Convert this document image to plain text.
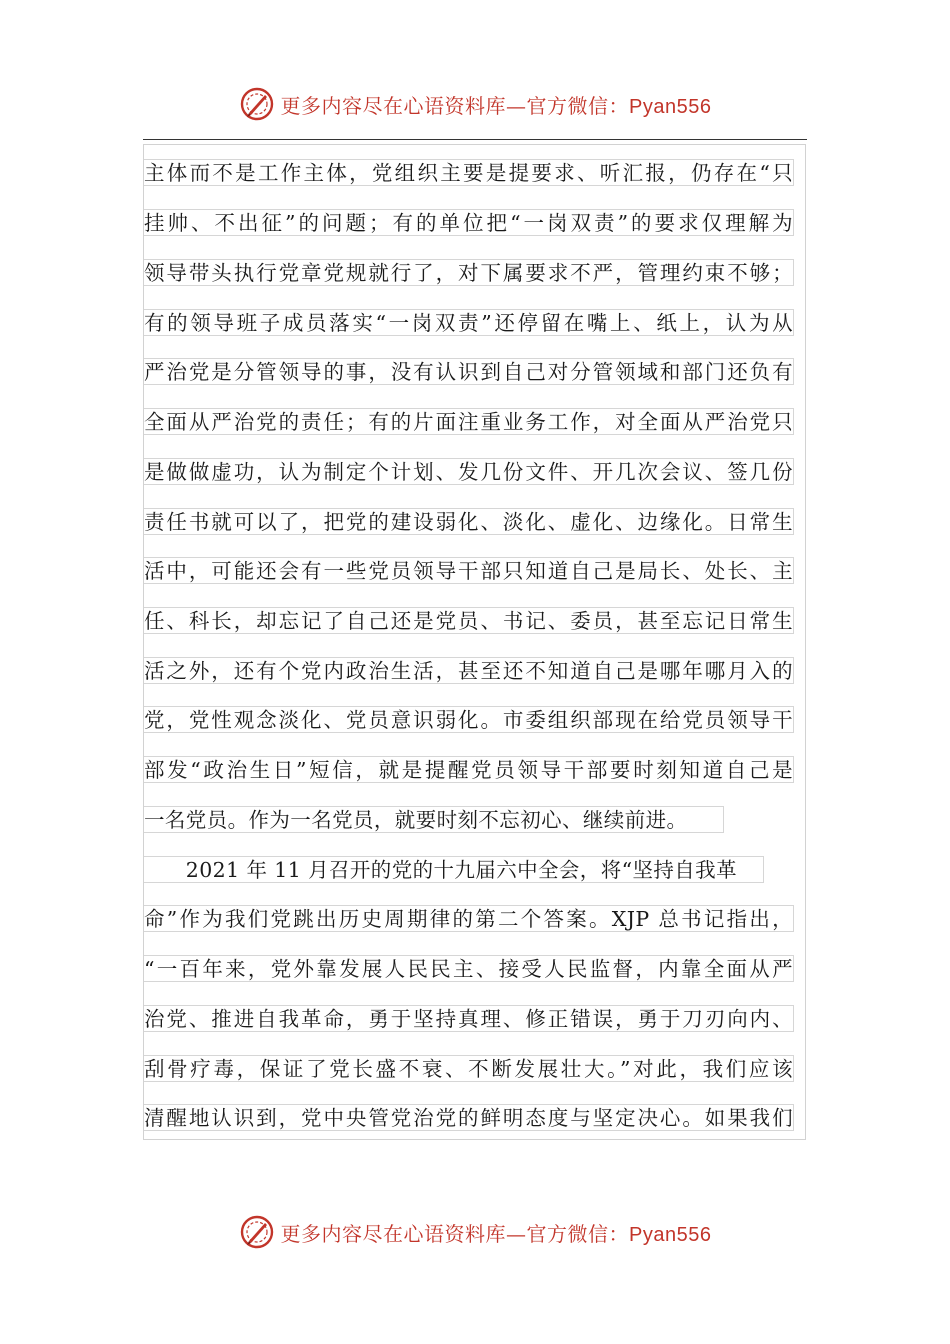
更多内容尽在心语资料库—官方微信：Pyan556
主体而不是工作主体，党组织主要是提要求、听汇报，仍存在“只
挂帅、不出征”的问题；有的单位把“一岗双责”的要求仅理解为
领导带头执行党章党规就行了，对下属要求不严，管理约束不够；
有的领导班子成员落实“一岗双责”还停留在嘴上、纸上，认为从
严治党是分管领导的事，没有认识到自己对分管领域和部门还负有
全面从严治党的责任；有的片面注重业务工作，对全面从严治党只
是做做虚功，认为制定个计划、发几份文件、开几次会议、签几份
责任书就可以了，把党的建设弱化、淡化、虚化、边缘化。日常生
活中，可能还会有一些党员领导干部只知道自己是局长、处长、主
任、科长，却忘记了自己还是党员、书记、委员，甚至忘记日常生
活之外，还有个党内政治生活，甚至还不知道自己是哪年哪月入的
党，党性观念淡化、党员意识弱化。市委组织部现在给党员领导干
部发“政治生日”短信，就是提醒党员领导干部要时刻知道自己是
一名党员。作为一名党员，就要时刻不忘初心、继续前进。
　　2021 年 11 月召开的党的十九届六中全会，将“坚持自我革
命”作为我们党跳出历史周期律的第二个答案。XJP 总书记指出，
“一百年来，党外靠发展人民民主、接受人民监督，内靠全面从严
治党、推进自我革命，勇于坚持真理、修正错误，勇于刀刃向内、
刮骨疗毒，保证了党长盛不衰、不断发展壮大。”对此，我们应该
清醒地认识到，党中央管党治党的鲜明态度与坚定决心。如果我们
更多内容尽在心语资料库—官方微信：Pyan556
